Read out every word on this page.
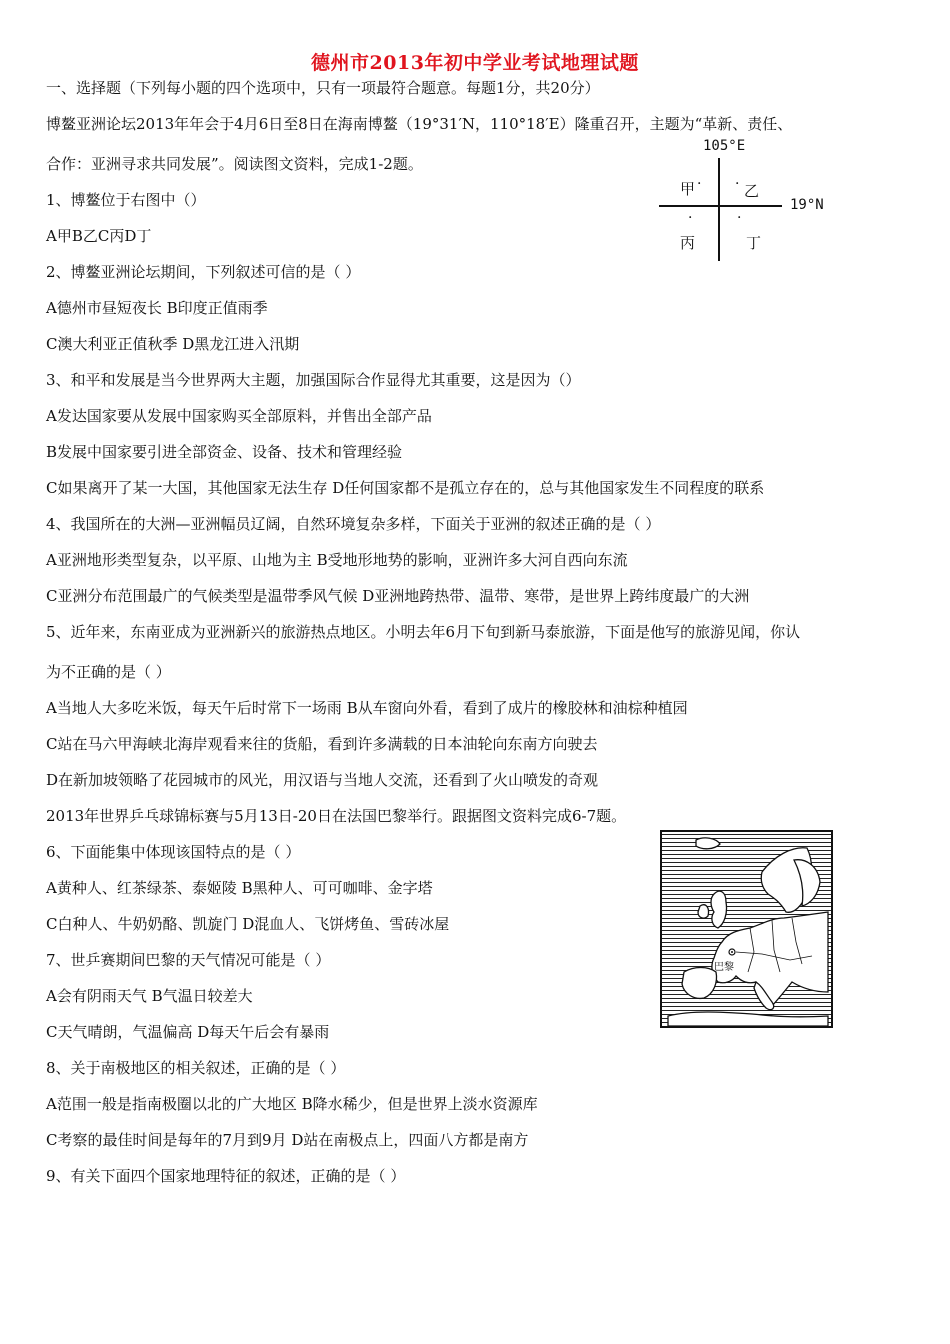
德州市2013年初中学业考试地理试题
一、选择题（下列每小题的四个选项中，只有一项最符合题意。每题1分，共20分）
博鳌亚洲论坛2013年年会于4月6日至8日在海南博鳌（19°31′N，110°18′E）隆重召开，主题为“革新、责任、
合作：亚洲寻求共同发展”。阅读图文资料，完成1-2题。
1、博鳌位于右图中（）
A甲B乙C丙D丁
2、博鳌亚洲论坛期间，下列叙述可信的是（ ）
A德州市昼短夜长 B印度正值雨季
C澳大利亚正值秋季 D黑龙江进入汛期
3、和平和发展是当今世界两大主题，加强国际合作显得尤其重要，这是因为（）
A发达国家要从发展中国家购买全部原料，并售出全部产品
B发展中国家要引进全部资金、设备、技术和管理经验
C如果离开了某一大国，其他国家无法生存 D任何国家都不是孤立存在的，总与其他国家发生不同程度的联系
4、我国所在的大洲—亚洲幅员辽阔，自然环境复杂多样，下面关于亚洲的叙述正确的是（ ）
A亚洲地形类型复杂，以平原、山地为主 B受地形地势的影响，亚洲许多大河自西向东流
C亚洲分布范围最广的气候类型是温带季风气候 D亚洲地跨热带、温带、寒带，是世界上跨纬度最广的大洲
5、近年来，东南亚成为亚洲新兴的旅游热点地区。小明去年6月下旬到新马泰旅游，下面是他写的旅游见闻，你认
为不正确的是（ ）
A当地人大多吃米饭，每天午后时常下一场雨 B从车窗向外看，看到了成片的橡胶林和油棕种植园
C站在马六甲海峡北海岸观看来往的货船，看到许多满载的日本油轮向东南方向驶去
D在新加坡领略了花园城市的风光，用汉语与当地人交流，还看到了火山喷发的奇观
2013年世界乒乓球锦标赛与5月13日-20日在法国巴黎举行。跟据图文资料完成6-7题。
6、下面能集中体现该国特点的是（ ）
A黄种人、红茶绿茶、泰姬陵 B黑种人、可可咖啡、金字塔
C白种人、牛奶奶酪、凯旋门 D混血人、飞饼烤鱼、雪砖冰屋
7、世乒赛期间巴黎的天气情况可能是（ ）
A会有阴雨天气 B气温日较差大
C天气晴朗，气温偏高 D每天午后会有暴雨
8、关于南极地区的相关叙述，正确的是（ ）
A范围一般是指南极圈以北的广大地区 B降水稀少，但是世界上淡水资源库
C考察的最佳时间是每年的7月到9月 D站在南极点上，四面八方都是南方
9、有关下面四个国家地理特征的叙述，正确的是（ ）
105°E
19°N
甲 · · 乙
·
丙
·
丁
巴黎
